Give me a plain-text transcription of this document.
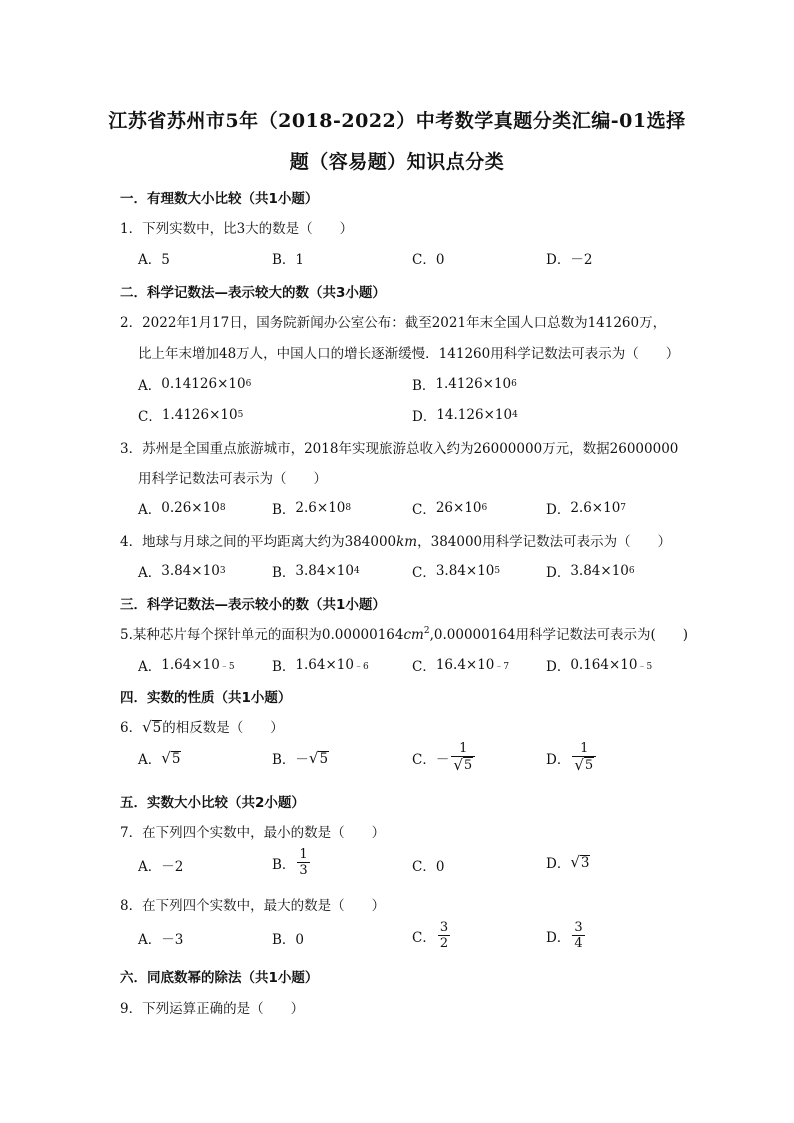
江苏省苏州市5年（2018-2022）中考数学真题分类汇编-01选择
题（容易题）知识点分类
一．有理数大小比较（共1小题）
1．下列实数中，比3大的数是（　　）
A．5	B．1	C．0	D．－2
二．科学记数法—表示较大的数（共3小题）
2．2022年1月17日，国务院新闻办公室公布：截至2021年末全国人口总数为141260万，
比上年末增加48万人，中国人口的增长逐渐缓慢．141260用科学记数法可表示为（　　）
A． 0.14126×10 6	B． 1.4126×10 6
C． 1.4126×10 5	D． 14.126×10 4
3．苏州是全国重点旅游城市，2018年实现旅游总收入约为26000000万元，数据26000000
用科学记数法可表示为（　　）
A． 0.26×10 8	B． 2.6×10 8	C． 26×10 6	D． 2.6×10 7
4．地球与月球之间的平均距离大约为384000km，384000用科学记数法可表示为（　　）
A． 3.84×10 3	B． 3.84×10 4	C． 3.84×10 5	D． 3.84×10 6
三．科学记数法—表示较小的数（共1小题）
5.某种芯片每个探针单元的面积为$0.00000164cm^2,0.00000164$用科学记数法可表示为(　　)
A． 1.64×10 ﹣5	B． 1.64×10 ﹣6	C． 16.4×10 ﹣7	D． 0.164×10 ﹣5
四．实数的性质（共1小题）
6． √ 5 的相反数是（　　）
A． √ 5	B． － √ 5	C． － $\frac{1}{√ 5}$	D． $\frac{1}{√ 5}$
五．实数大小比较（共2小题）
7．在下列四个实数中，最小的数是（　　）
A．－2	B． $\frac{1}{3}$	C．0	D． √ 3
8．在下列四个实数中，最大的数是（　　）
A．－3	B．0	C． $\frac{3}{2}$	D． $\frac{3}{4}$
六．同底数幂的除法（共1小题）
9．下列运算正确的是（　　）
